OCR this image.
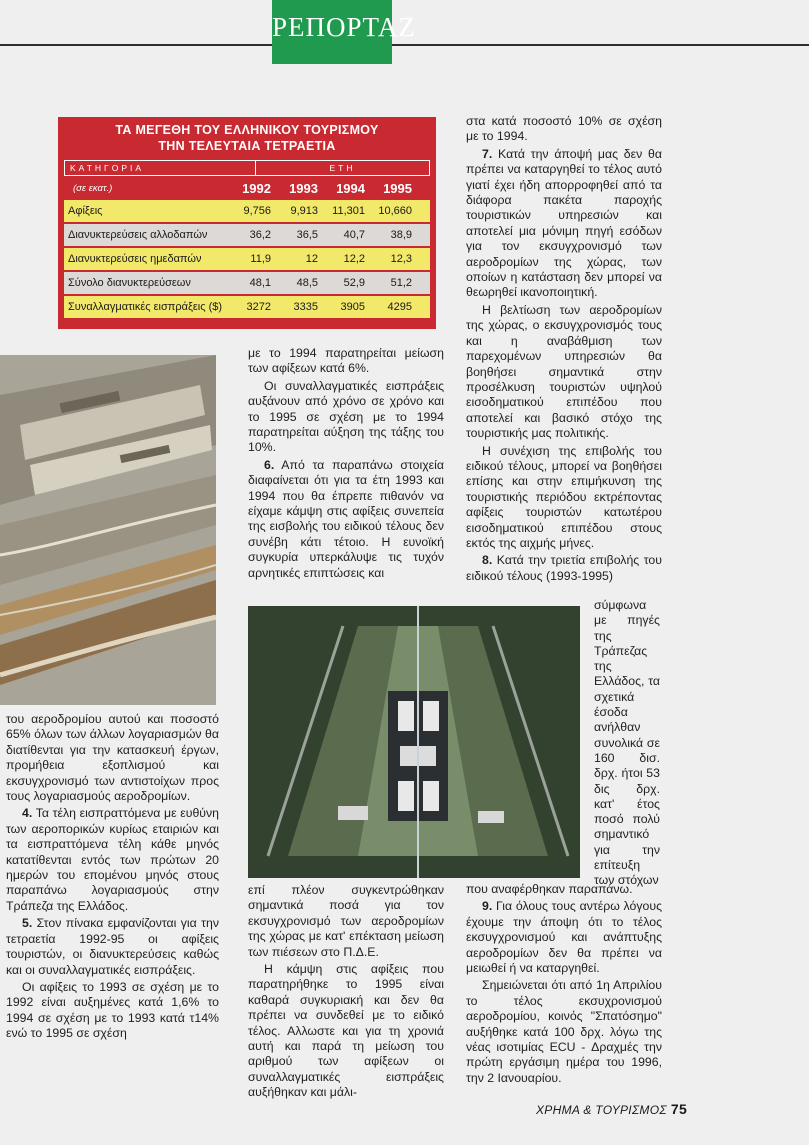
ΡΕΠΟΡΤΑΖ
ΤΑ ΜΕΓΕΘΗ ΤΟΥ ΕΛΛΗΝΙΚΟΥ ΤΟΥΡΙΣΜΟΥ
ΤΗΝ ΤΕΛΕΥΤΑΙΑ ΤΕΤΡΑΕΤΙΑ
ΚΑΤΗΓΟΡΙΑ	ΕΤΗ
(σε εκατ.)	1992	1993	1994	1995
Αφίξεις	9,756	9,913	11,301	10,660
Διανυκτερεύσεις αλλοδαπών	36,2	36,5	40,7	38,9
Διανυκτερεύσεις ημεδαπών	11,9	12	12,2	12,3
Σύνολο διανυκτερεύσεων	48,1	48,5	52,9	51,2
Συναλλαγματικές εισπράξεις ($)	3272	3335	3905	4295

του αεροδρομίου αυτού και ποσοστό 65% όλων των άλλων λογαριασμών θα διατίθενται για την κατασκευή έργων, προμήθεια εξοπλισμού και εκσυγχρονισμό των αντιστοίχων προς τους λογαριασμούς αεροδρομίων.

4. Τα τέλη εισπραττόμενα με ευθύνη των αεροπορικών κυρίως εταιριών και τα εισπραττόμενα τέλη κάθε μηνός κατατίθενται εντός των πρώτων 20 ημερών του επομένου μηνός στους παραπάνω λογαριασμούς στην Τράπεζα της Ελλάδος.

5. Στον πίνακα εμφανίζονται για την τετραετία 1992-95 οι αφίξεις τουριστών, οι διανυκτερεύσεις καθώς και οι συναλλαγματικές εισπράξεις.

Οι αφίξεις το 1993 σε σχέση με το 1992 είναι αυξημένες κατά 1,6% το 1994 σε σχέση με το 1993 κατά τ14% ενώ το 1995 σε σχέση

με το 1994 παρατηρείται μείωση των αφίξεων κατά 6%.

Οι συναλλαγματικές εισπράξεις αυξάνουν από χρόνο σε χρόνο και το 1995 σε σχέση με το 1994 παρατηρείται αύξηση της τάξης του 10%.

6. Από τα παραπάνω στοιχεία διαφαίνεται ότι για τα έτη 1993 και 1994 που θα έπρεπε πιθανόν να είχαμε κάμψη στις αφίξεις συνεπεία της εισβολής του ειδικού τέλους δεν συνέβη κάτι τέτοιο. Η ευνοϊκή συγκυρία υπερκάλυψε τις τυχόν αρνητικές επιπτώσεις και

επί πλέον συγκεντρώθηκαν σημαντικά ποσά για τον εκσυγχρονισμό των αεροδρομίων της χώρας με κατ' επέκταση μείωση των πιέσεων στο Π.Δ.Ε.

Η κάμψη στις αφίξεις που παρατηρήθηκε το 1995 είναι καθαρά συγκυριακή και δεν θα πρέπει να συνδεθεί με το ειδικό τέλος. Αλλωστε και για τη χρονιά αυτή και παρά τη μείωση του αριθμού των αφίξεων οι συναλλαγματικές εισπράξεις αυξήθηκαν και μάλι-

στα κατά ποσοστό 10% σε σχέση με το 1994.

7. Κατά την άποψή μας δεν θα πρέπει να καταργηθεί το τέλος αυτό γιατί έχει ήδη απορροφηθεί από τα διάφορα πακέτα παροχής τουριστικών υπηρεσιών και αποτελεί μια μόνιμη πηγή εσόδων για τον εκσυγχρονισμό των αεροδρομίων της χώρας, των οποίων η κατάσταση δεν μπορεί να θεωρηθεί ικανοποιητική.

Η βελτίωση των αεροδρομίων της χώρας, ο εκσυγχρονισμός τους και η αναβάθμιση των παρεχομένων υπηρεσιών θα βοηθήσει σημαντικά στην προσέλκυση τουριστών υψηλού εισοδηματικού επιπέδου που αποτελεί και βασικό στόχο της τουριστικής μας πολιτικής.

Η συνέχιση της επιβολής του ειδικού τέλους, μπορεί να βοηθήσει επίσης και στην επιμήκυνση της τουριστικής περιόδου εκτρέποντας αφίξεις τουριστών κατωτέρου εισοδηματικού επιπέδου στους εκτός της αιχμής μήνες.

8. Κατά την τριετία επιβολής του ειδικού τέλους (1993-1995)

σύμφωνα με πηγές της Τράπεζας της Ελλάδος, τα σχετικά έσοδα ανήλθαν συνολικά σε 160 δισ. δρχ. ήτοι 53 δις δρχ. κατ' έτος ποσό πολύ σημαντικό για την επίτευξη των στόχων

που αναφέρθηκαν παραπάνω.

9. Για όλους τους αντέρω λόγους έχουμε την άποψη ότι το τέλος εκσυγχρονισμού και ανάπτυξης αεροδρομίων δεν θα πρέπει να μειωθεί ή να καταργηθεί.

Σημειώνεται ότι από 1η Απριλίου το τέλος εκσυχρονισμού αεροδρομίου, κοινός "Σπατόσημο" αυξήθηκε κατά 100 δρχ. λόγω της νέας ισοτιμίας ECU - Δραχμές την πρώτη εργάσιμη ημέρα του 1996, την 2 Ιανουαρίου.

ΧΡΗΜΑ & ΤΟΥΡΙΣΜΟΣ 75
